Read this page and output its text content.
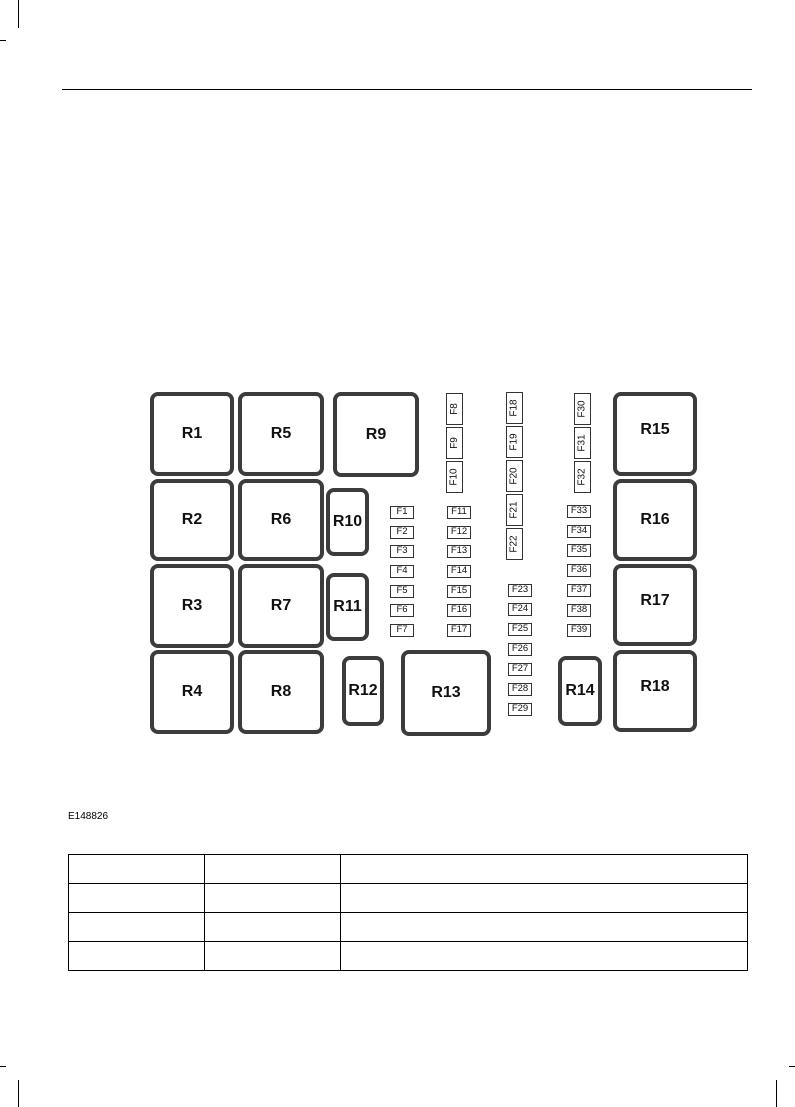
R1
R2
R3
R4
R5
R6
R7
R8
R9
R10
R11
R12	R13	R14
R15
R16
R17
R18
F1
F2
F3
F4
F5
F6
F7
F8
F9
F10
F11
F12
F13
F14
F15
F16
F17
F18
F19
F20
F21
F22
F23
F24
F25
F26
F27
F28
F29
F30
F31
F32
F33
F34
F35
F36
F37
F38
F39
E148826
